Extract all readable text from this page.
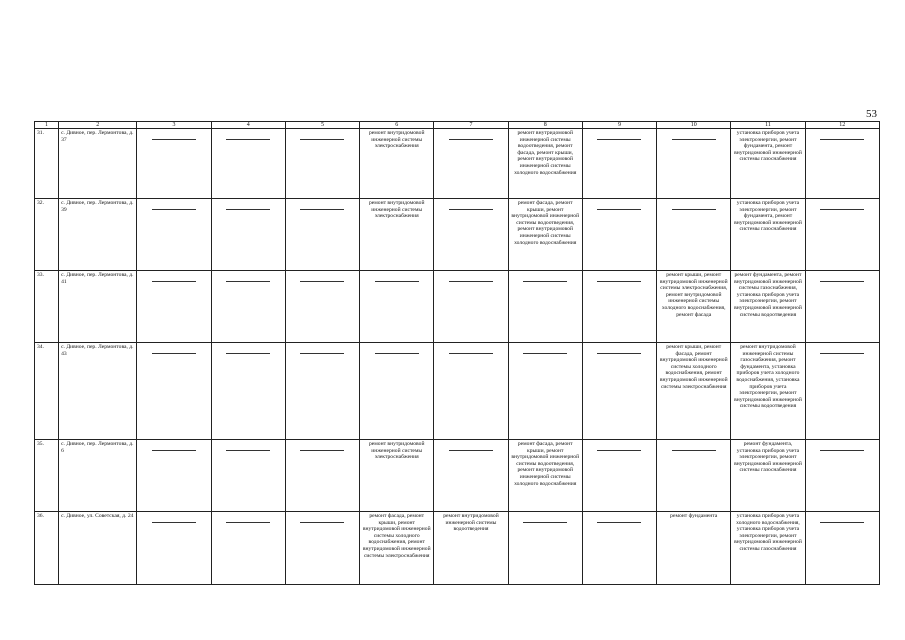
53
1	2	3	4	5	6	7	8	9	10	11	12
31.	с. Дивное, пер. Лермонтова, д. 37				ремонт внутридомовой инженерной системы электроснабжения		ремонт внутридомовой инженерной системы водоотведения, ремонт фасада, ремонт крыши, ремонт внутридомовой инженерной системы холодного водоснабжения			установка приборов учета электроэнергии, ремонт фундамента, ремонт внутридомовой инженерной системы газоснабжения	

32.	с. Дивное, пер. Лермонтова, д. 39				ремонт внутридомовой инженерной системы электроснабжения		ремонт фасада, ремонт крыши, ремонт внутридомовой инженерной системы водоотведения, ремонт внутридомовой инженерной системы холодного водоснабжения			установка приборов учета электроэнергии, ремонт фундамента, ремонт внутридомовой инженерной системы газоснабжения	

33.	с. Дивное, пер. Лермонтова, д. 41								ремонт крыши, ремонт внутридомовой инженерной системы электроснабжения, ремонт внутридомовой инженерной системы холодного водоснабжения, ремонт фасада	ремонт фундамента, ремонт внутридомовой инженерной системы газоснабжения, установка приборов учета электроэнергии, ремонт внутридомовой инженерной системы водоотведения	

34.	с. Дивное, пер. Лермонтова, д. 43								ремонт крыши, ремонт фасада, ремонт внутридомовой инженерной системы холодного водоснабжения, ремонт внутридомовой инженерной системы электроснабжения	ремонт внутридомовой инженерной системы газоснабжения, ремонт фундамента, установка приборов учета холодного водоснабжения, установка приборов учета электроэнергии, ремонт внутридомовой инженерной системы водоотведения	

35.	с. Дивное, пер. Лермонтова, д. 6				ремонт внутридомовой инженерной системы электроснабжения		ремонт фасада, ремонт крыши, ремонт внутридомовой инженерной системы водоотведения, ремонт внутридомовой инженерной системы холодного водоснабжения			ремонт фундамента, установка приборов учета электроэнергии, ремонт внутридомовой инженерной системы газоснабжения	

36.	с. Дивное, ул. Советская, д. 24				ремонт фасада, ремонт крыши, ремонт внутридомовой инженерной системы холодного водоснабжения, ремонт внутридомовой инженерной системы электроснабжения	ремонт внутридомовой инженерной системы водоотведения			ремонт фундамента	установка приборов учета холодного водоснабжения, установка приборов учета электроэнергии, ремонт внутридомовой инженерной системы газоснабжения	
